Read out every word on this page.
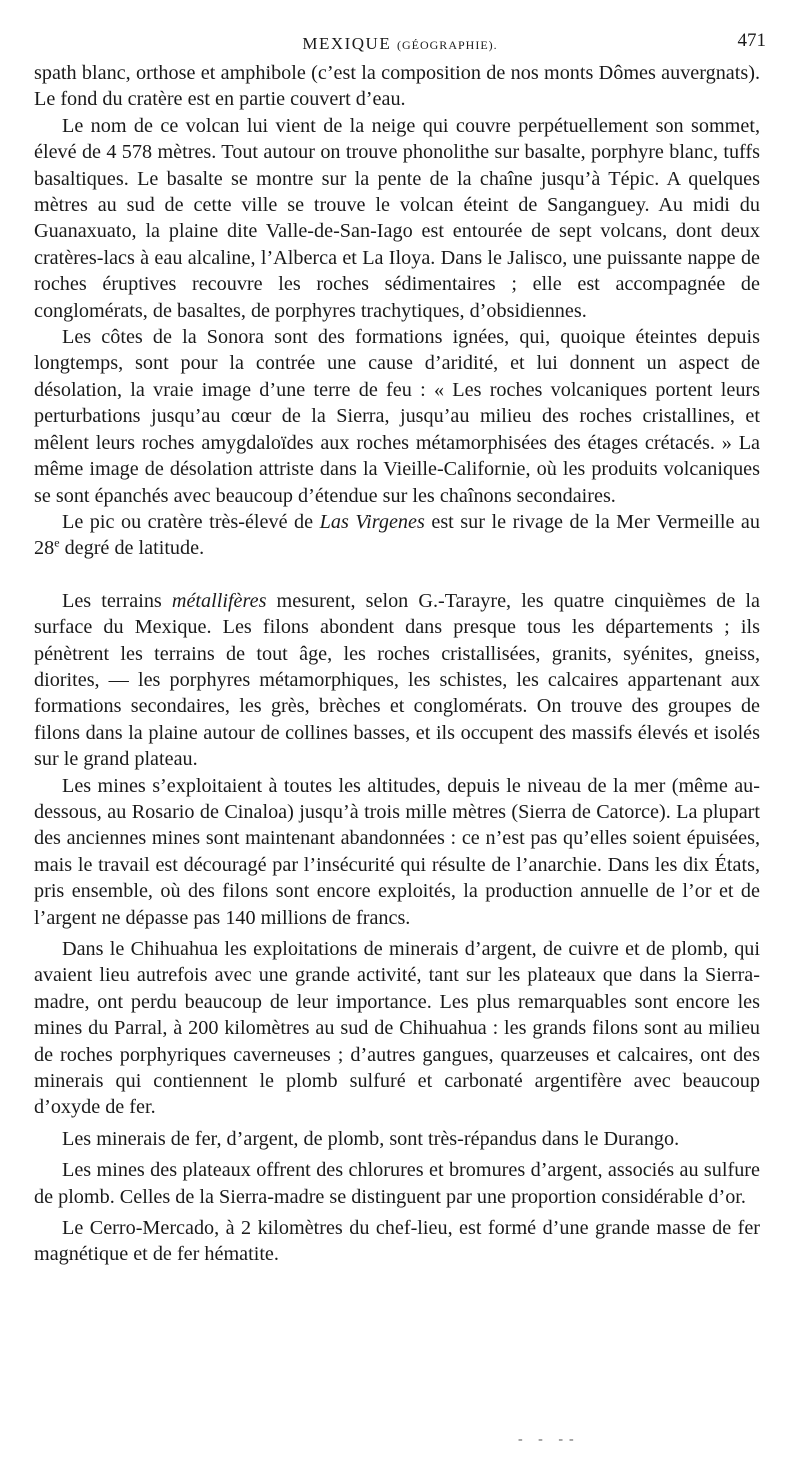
MEXIQUE (GÉOGRAPHIE).	471

spath blanc, orthose et amphibole (c’est la composition de nos monts Dômes auvergnats). Le fond du cratère est en partie couvert d’eau.

Le nom de ce volcan lui vient de la neige qui couvre perpétuellement son sommet, élevé de 4 578 mètres. Tout autour on trouve phonolithe sur basalte, porphyre blanc, tuffs basaltiques. Le basalte se montre sur la pente de la chaîne jusqu’à Tépic. A quelques mètres au sud de cette ville se trouve le volcan éteint de Sanganguey. Au midi du Guanaxuato, la plaine dite Valle-de-San-Iago est entourée de sept volcans, dont deux cratères-lacs à eau alcaline, l’Alberca et La Iloya. Dans le Jalisco, une puissante nappe de roches éruptives recouvre les roches sédimentaires ; elle est accompagnée de conglomérats, de basaltes, de porphyres trachytiques, d’obsidiennes.

Les côtes de la Sonora sont des formations ignées, qui, quoique éteintes depuis longtemps, sont pour la contrée une cause d’aridité, et lui donnent un aspect de désolation, la vraie image d’une terre de feu : « Les roches volcaniques portent leurs perturbations jusqu’au cœur de la Sierra, jusqu’au milieu des roches cristallines, et mêlent leurs roches amygdaloïdes aux roches métamorphisées des étages crétacés. » La même image de désolation attriste dans la Vieille-Californie, où les produits volcaniques se sont épanchés avec beaucoup d’étendue sur les chaînons secondaires.

Le pic ou cratère très-élevé de Las Virgenes est sur le rivage de la Mer Vermeille au 28e degré de latitude.

Les terrains métallifères mesurent, selon G.-Tarayre, les quatre cinquièmes de la surface du Mexique. Les filons abondent dans presque tous les départements ; ils pénètrent les terrains de tout âge, les roches cristallisées, granits, syénites, gneiss, diorites, — les porphyres métamorphiques, les schistes, les calcaires appartenant aux formations secondaires, les grès, brèches et conglomérats. On trouve des groupes de filons dans la plaine autour de collines basses, et ils occupent des massifs élevés et isolés sur le grand plateau.

Les mines s’exploitaient à toutes les altitudes, depuis le niveau de la mer (même au-dessous, au Rosario de Cinaloa) jusqu’à trois mille mètres (Sierra de Catorce). La plupart des anciennes mines sont maintenant abandonnées : ce n’est pas qu’elles soient épuisées, mais le travail est découragé par l’insécurité qui résulte de l’anarchie. Dans les dix États, pris ensemble, où des filons sont encore exploités, la production annuelle de l’or et de l’argent ne dépasse pas 140 millions de francs.

Dans le Chihuahua les exploitations de minerais d’argent, de cuivre et de plomb, qui avaient lieu autrefois avec une grande activité, tant sur les plateaux que dans la Sierra-madre, ont perdu beaucoup de leur importance. Les plus remarquables sont encore les mines du Parral, à 200 kilomètres au sud de Chihuahua : les grands filons sont au milieu de roches porphyriques caverneuses ; d’autres gangues, quarzeuses et calcaires, ont des minerais qui contiennent le plomb sulfuré et carbonaté argentifère avec beaucoup d’oxyde de fer.

Les minerais de fer, d’argent, de plomb, sont très-répandus dans le Durango.

Les mines des plateaux offrent des chlorures et bromures d’argent, associés au sulfure de plomb. Celles de la Sierra-madre se distinguent par une proportion considérable d’or.

Le Cerro-Mercado, à 2 kilomètres du chef-lieu, est formé d’une grande masse de fer magnétique et de fer hématite.

- - --
